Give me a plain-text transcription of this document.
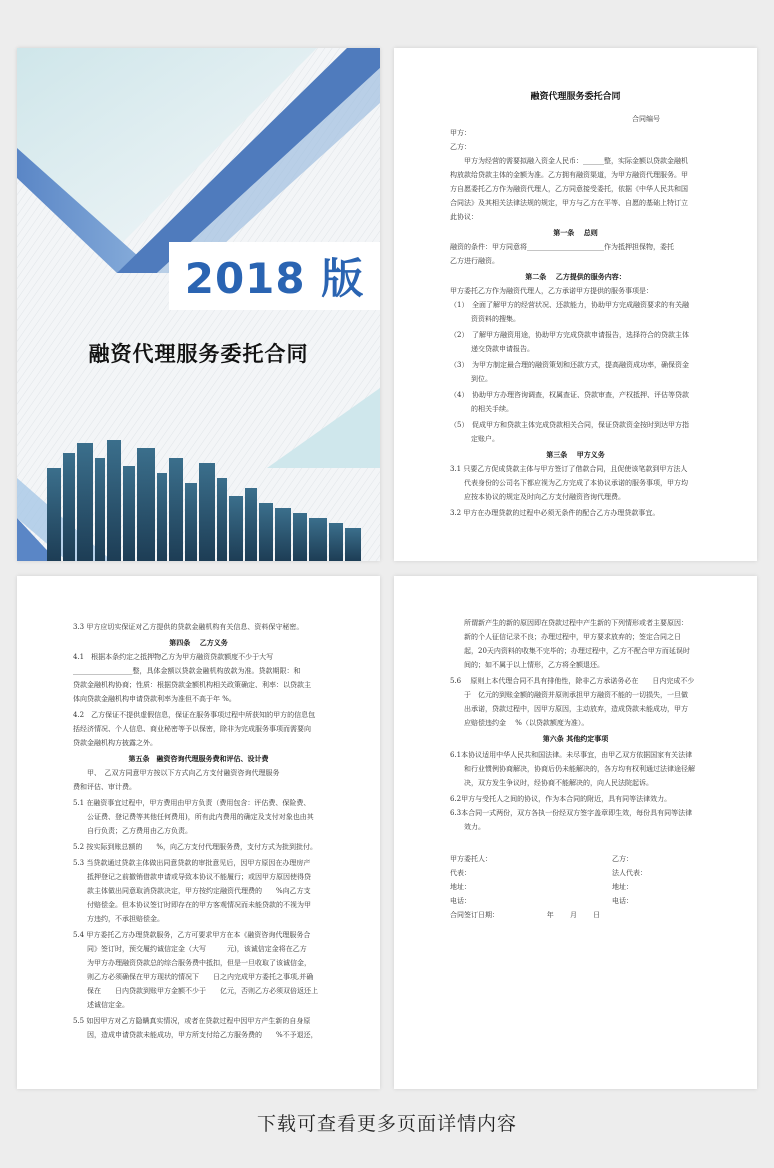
2018 版
融资代理服务委托合同
融资代理服务委托合同
合同编号
甲方：
乙方：
　　甲方为经营的需要拟融入资金人民币：______整，实际金额以贷款金融机
构放款给贷款主体的金额为准。乙方拥有融资渠道，为甲方融资代理服务。甲
方自愿委托乙方作为融资代理人，乙方同意接受委托，依据《中华人民共和国
合同法》及其相关法律法规的规定，甲方与乙方在平等、自愿的基础上特订立
此协议：
第一条　 总则
融资的条件：甲方同意将______________________作为抵押担保物，委托
乙方进行融资。
第二条　 乙方提供的服务内容：
甲方委托乙方作为融资代理人，乙方承诺甲方提供的服务事项是：
（1）　全面了解甲方的经营状况、还款能力，协助甲方完成融资要求的有关融
　　　资资料的搜集。
（2）　了解甲方融资用途，协助甲方完成贷款申请报告，选择符合的贷款主体
　　　递交贷款申请报告。
（3）　为甲方制定最合理的融资策划和还款方式，提高融资成功率，确保资金
　　　到位。
（4）　协助甲方办理咨询调查，权属查证、贷款审查，产权抵押、评估等贷款
　　　的相关手续。
（5）　促成甲方和贷款主体完成贷款相关合同，保证贷款资金按时到达甲方指
　　　定账户。
第三条　 甲方义务
3.1 只要乙方促成贷款主体与甲方签订了借款合同，且促使该笔款到甲方法人
　　代表身份的公司名下都应视为乙方完成了本协议承诺的服务事项，甲方均
　　应按本协议的规定及时向乙方支付融资咨询代理费。
3.2 甲方在办理贷款的过程中必须无条件的配合乙方办理贷款事宜。
3.3 甲方应切实保证对乙方提供的贷款金融机构有关信息、资料保守秘密。
第四条　 乙方义务
4.1　根据本条约定之抵押物乙方为甲方融资贷款额度不少于大写
_________________整，具体金额以贷款金融机构放款为准。贷款期限：和
贷款金融机构协商；性质：根据贷款金额机构相关政策确定、利率：以贷款主
体向贷款金融机构申请贷款利率为准但不高于年 %。
4.2　乙方保证不提供虚假信息，保证在服务事项过程中所获知的甲方的信息包
括经济情况、个人信息、商业秘密等予以保密，除非为完成服务事项而需要向
贷款金融机构方披露之外。
第五条　融资咨询代理服务费和评估、设计费
　　甲、　乙双方同意甲方按以下方式向乙方支付融资咨询代理服务
费和评估、审计费。
5.1 在融资事宜过程中，甲方费用由甲方负责（费用包含：评估费、保险费、
　　公证费、登记费等其他任何费用)，所有此内费用的确定及支付对象也由其
　　自行负责；乙方费用由乙方负责。
5.2 按实际到账总额的　　%，向乙方支付代理服务费，支付方式为批到批付。
5.3 当贷款通过贷款主体做出同意贷款的审批意见后，因甲方原因在办理房产
　　抵押登记之前撤销借款申请或导致本协议不能履行；或因甲方原因使得贷
　　款主体做出同意取消贷款决定，甲方按约定融资代理费的　　%向乙方支
　　付赔偿金。但本协议签订时即存在的甲方客观情况而未能贷款的不视为甲
　　方违约，不承担赔偿金。
5.4 甲方委托乙方办理贷款服务，乙方可要求甲方在本《融资咨询代理服务合
　　同》签订时，预交履约诚信定金（大写　　　元)，该诚信定金将在乙方
　　为甲方办理融资贷款总的综合服务费中抵扣，但是一旦收取了该诚信金，
　　则乙方必须确保在甲方现状的情况下　　日之内完成甲方委托之事项,并确
　　保在　　日内贷款到账甲方金额不少于　　亿元，否则乙方必须双倍返还上
　　述诚信定金。
5.5 如因甲方对乙方隐瞒真实情况，或者在贷款过程中因甲方产生新的自身原
　　因，造成申请贷款未能成功，甲方所支付给乙方服务费的　　%不予退还，
　　所谓新产生的新的原因即在贷款过程中产生新的下列情形或者主要原因：
　　新的个人征信记录不良；办理过程中，甲方要求放弃的；签定合同之日
　　起，20天内资料的收集不完毕的；办理过程中，乙方不配合甲方而延误时
　　间的；如不属于以上情形，乙方将全额退还。
5.6 　原则上本代理合同不具有排他性，除非乙方承诺务必在　　日内完成不少
　　于　亿元的到账金额的融资并原则承担甲方融资不能的一切损失，一旦做
　　出承诺，贷款过程中，因甲方原因，主动放弃，造成贷款未能成功，甲方
　　应赔偿违约金　 %（以贷款额度为准）。
第六条 其他约定事项
6.1本协议适用中华人民共和国法律。未尽事宜，由甲乙双方依据国家有关法律
　　和行业惯例协商解决，协商后仍未能解决的，各方均有权利通过法律途径解
　　决，双方发生争议时，经协商不能解决的，向人民法院起诉。
6.2甲方与受托人之间的协议，作为本合同的附近，具有同等法律效力。
6.3本合同一式两份，双方各执一份经双方签字盖章即生效，每份具有同等法律
　　效力。
甲方委托人：	乙方：
代表：	法人代表：
地址：	地址：
电话：	电话：
合同签订日期：　　　　　　　 年　　 月　　 日
下载可查看更多页面详情内容
